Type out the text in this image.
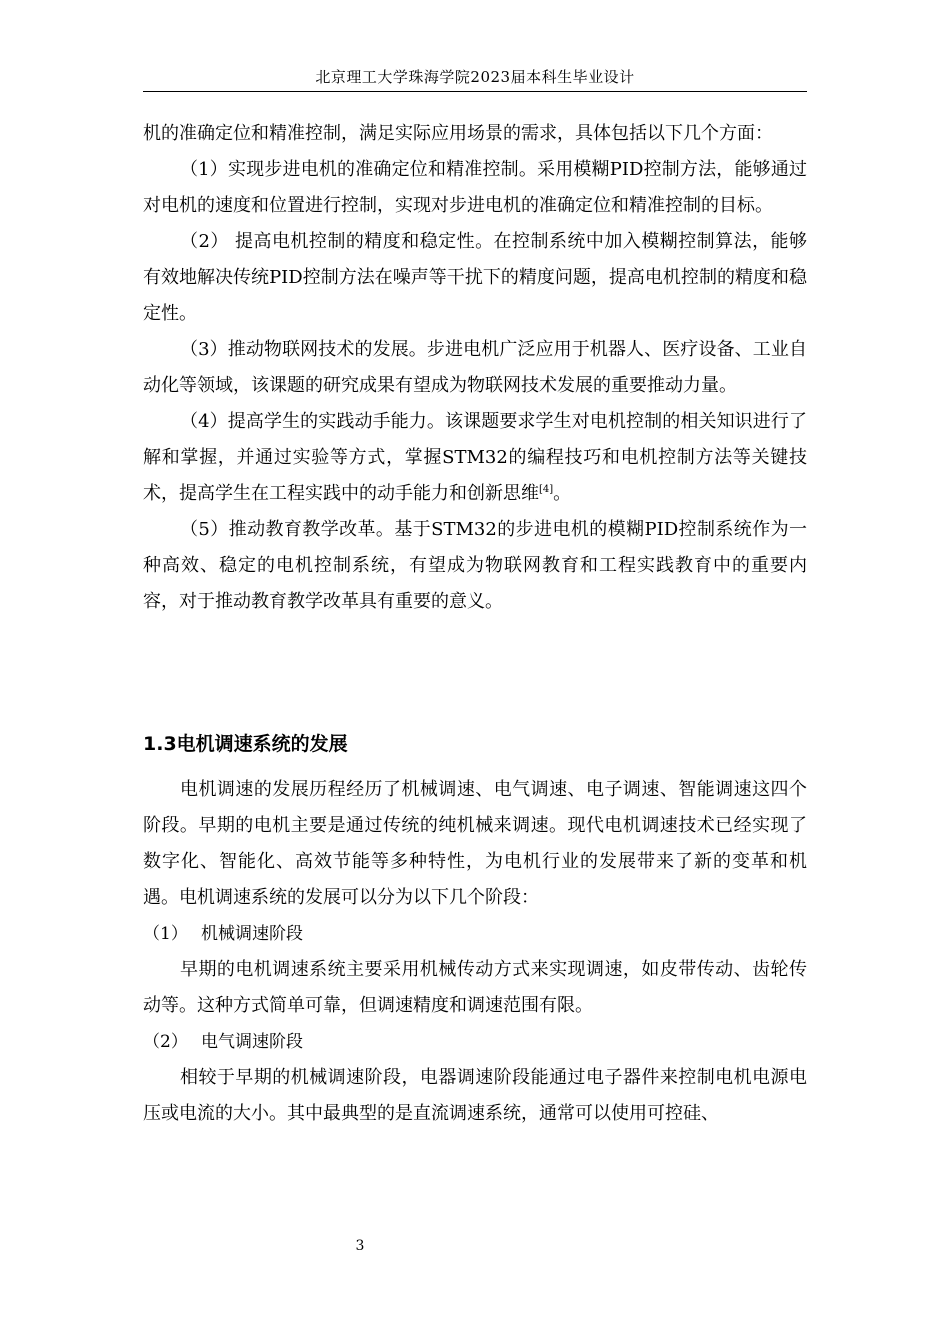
北京理工大学珠海学院2023届本科生毕业设计

机的准确定位和精准控制，满足实际应用场景的需求，具体包括以下几个方面：

（1）实现步进电机的准确定位和精准控制。采用模糊PID控制方法，能够通过对电机的速度和位置进行控制，实现对步进电机的准确定位和精准控制的目标。

（2） 提高电机控制的精度和稳定性。在控制系统中加入模糊控制算法，能够有效地解决传统PID控制方法在噪声等干扰下的精度问题，提高电机控制的精度和稳定性。

（3）推动物联网技术的发展。步进电机广泛应用于机器人、医疗设备、工业自动化等领域，该课题的研究成果有望成为物联网技术发展的重要推动力量。

（4）提高学生的实践动手能力。该课题要求学生对电机控制的相关知识进行了解和掌握，并通过实验等方式，掌握STM32的编程技巧和电机控制方法等关键技术，提高学生在工程实践中的动手能力和创新思维[4]。

（5）推动教育教学改革。基于STM32的步进电机的模糊PID控制系统作为一种高效、稳定的电机控制系统，有望成为物联网教育和工程实践教育中的重要内容，对于推动教育教学改革具有重要的意义。

1.3电机调速系统的发展

电机调速的发展历程经历了机械调速、电气调速、电子调速、智能调速这四个阶段。早期的电机主要是通过传统的纯机械来调速。现代电机调速技术已经实现了数字化、智能化、高效节能等多种特性，为电机行业的发展带来了新的变革和机遇。电机调速系统的发展可以分为以下几个阶段：

（1） 机械调速阶段

早期的电机调速系统主要采用机械传动方式来实现调速，如皮带传动、齿轮传动等。这种方式简单可靠，但调速精度和调速范围有限。

（2） 电气调速阶段

相较于早期的机械调速阶段，电器调速阶段能通过电子器件来控制电机电源电压或电流的大小。其中最典型的是直流调速系统，通常可以使用可控硅、

3
